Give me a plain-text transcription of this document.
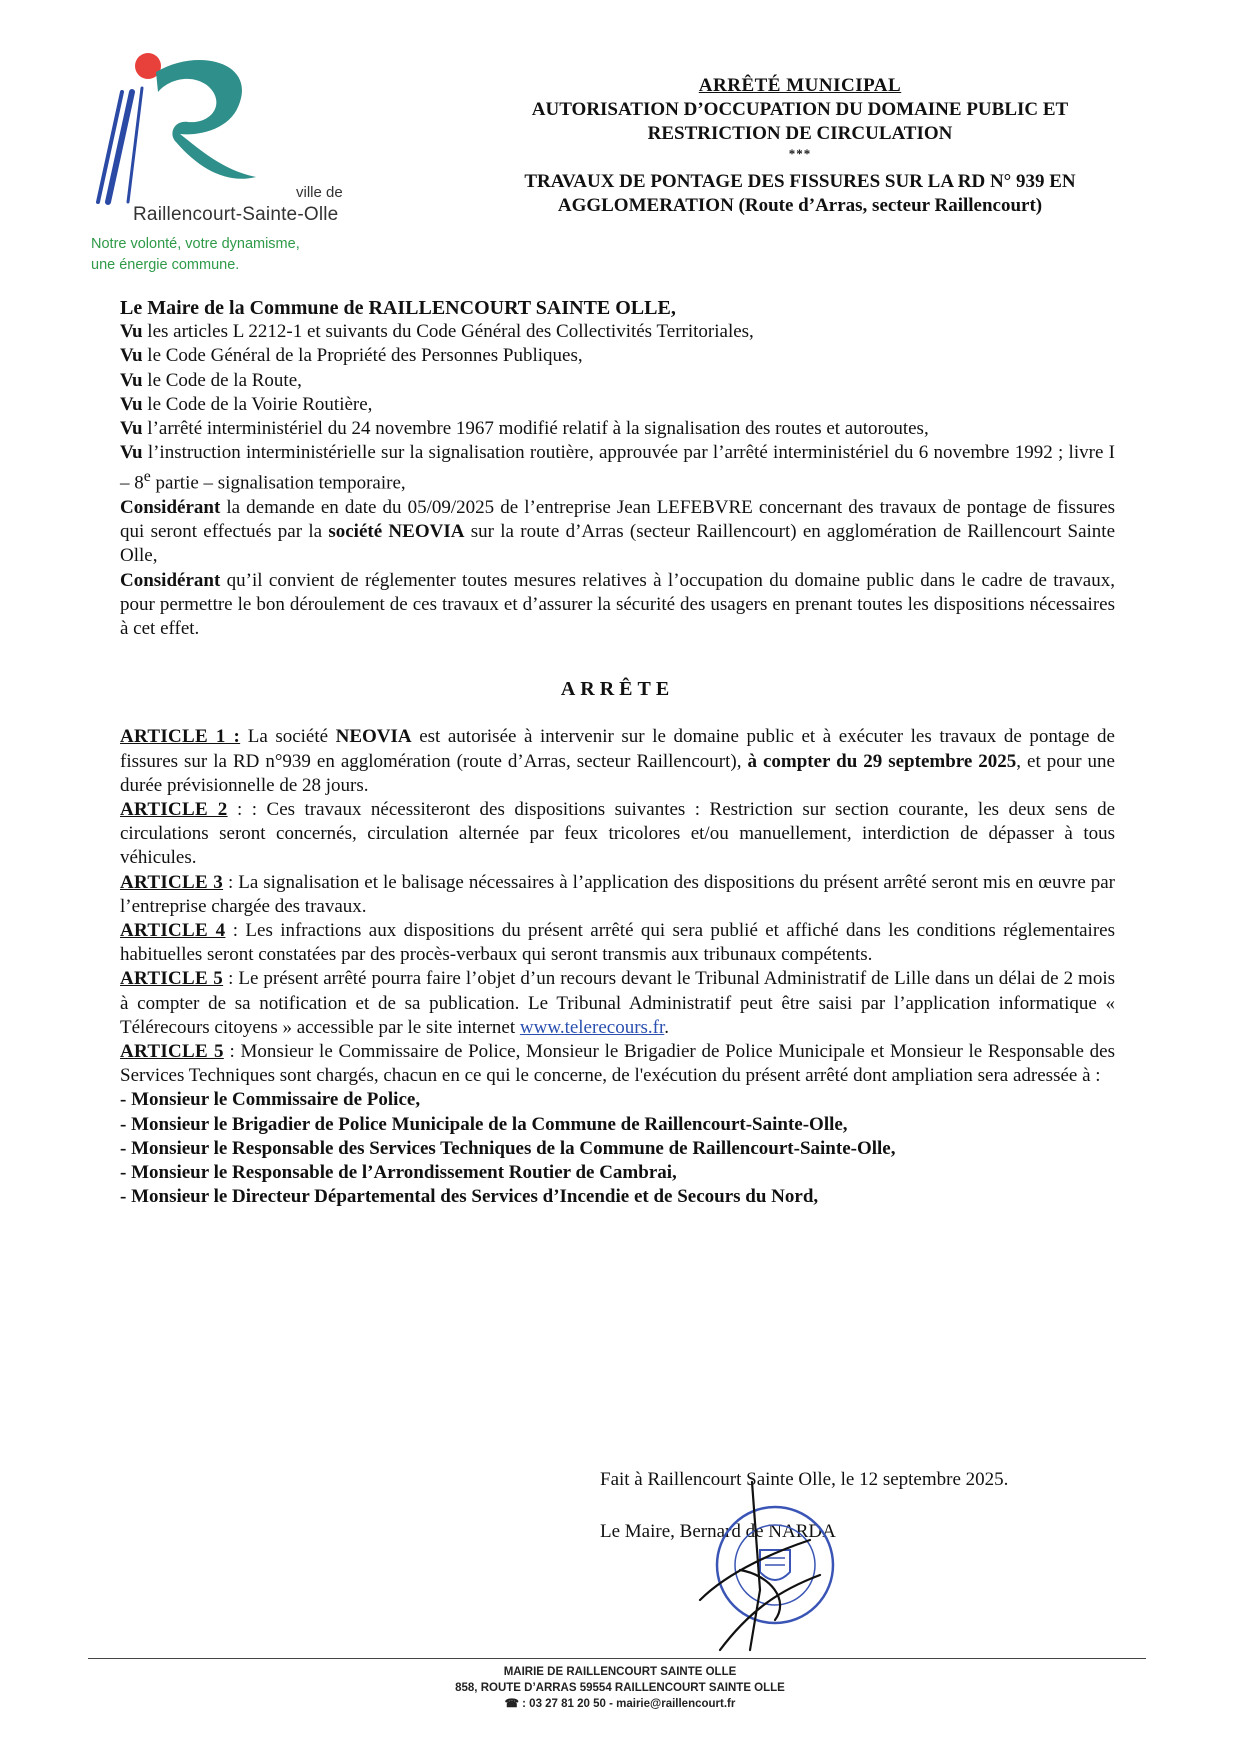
ville de
Raillencourt-Sainte-Olle
Notre volonté, votre dynamisme,
une énergie commune.
ARRÊTÉ MUNICIPAL
AUTORISATION D’OCCUPATION DU DOMAINE PUBLIC ET
RESTRICTION DE CIRCULATION
***
TRAVAUX DE PONTAGE DES FISSURES SUR LA RD N° 939 EN
AGGLOMERATION (Route d’Arras, secteur Raillencourt)

Le Maire de la Commune de RAILLENCOURT SAINTE OLLE,

Vu les articles L 2212-1 et suivants du Code Général des Collectivités Territoriales,

Vu le Code Général de la Propriété des Personnes Publiques,

Vu le Code de la Route,

Vu le Code de la Voirie Routière,

Vu l’arrêté interministériel du 24 novembre 1967 modifié relatif à la signalisation des routes et autoroutes,

Vu l’instruction interministérielle sur la signalisation routière, approuvée par l’arrêté interministériel du 6 novembre 1992 ; livre I – 8e partie – signalisation temporaire,

Considérant la demande en date du 05/09/2025 de l’entreprise Jean LEFEBVRE concernant des travaux de pontage de fissures qui seront effectués par la société NEOVIA sur la route d’Arras (secteur Raillencourt) en agglomération de Raillencourt Sainte Olle,

Considérant qu’il convient de réglementer toutes mesures relatives à l’occupation du domaine public dans le cadre de travaux, pour permettre le bon déroulement de ces travaux et d’assurer la sécurité des usagers en prenant toutes les dispositions nécessaires à cet effet.

ARRÊTE

ARTICLE 1 : La société NEOVIA est autorisée à intervenir sur le domaine public et à exécuter les travaux de pontage de fissures sur la RD n°939 en agglomération (route d’Arras, secteur Raillencourt), à compter du 29 septembre 2025, et pour une durée prévisionnelle de 28 jours.

ARTICLE 2 : : Ces travaux nécessiteront des dispositions suivantes : Restriction sur section courante, les deux sens de circulations seront concernés, circulation alternée par feux tricolores et/ou manuellement, interdiction de dépasser à tous véhicules.

ARTICLE 3 : La signalisation et le balisage nécessaires à l’application des dispositions du présent arrêté seront mis en œuvre par l’entreprise chargée des travaux.

ARTICLE 4 : Les infractions aux dispositions du présent arrêté qui sera publié et affiché dans les conditions réglementaires habituelles seront constatées par des procès-verbaux qui seront transmis aux tribunaux compétents.

ARTICLE 5 : Le présent arrêté pourra faire l’objet d’un recours devant le Tribunal Administratif de Lille dans un délai de 2 mois à compter de sa notification et de sa publication. Le Tribunal Administratif peut être saisi par l’application informatique « Télérecours citoyens » accessible par le site internet www.telerecours.fr.

ARTICLE 5 : Monsieur le Commissaire de Police, Monsieur le Brigadier de Police Municipale et Monsieur le Responsable des Services Techniques sont chargés, chacun en ce qui le concerne, de l'exécution du présent arrêté dont ampliation sera adressée à :

- Monsieur le Commissaire de Police,
- Monsieur le Brigadier de Police Municipale de la Commune de Raillencourt-Sainte-Olle,
- Monsieur le Responsable des Services Techniques de la Commune de Raillencourt-Sainte-Olle,
- Monsieur le Responsable de l’Arrondissement Routier de Cambrai,
- Monsieur le Directeur Départemental des Services d’Incendie et de Secours du Nord,
Fait à Raillencourt Sainte Olle, le 12 septembre 2025.
Le Maire, Bernard de NARDA
MAIRIE DE RAILLENCOURT SAINTE OLLE
858, ROUTE D’ARRAS 59554 RAILLENCOURT SAINTE OLLE
☎ : 03 27 81 20 50 - mairie@raillencourt.fr
